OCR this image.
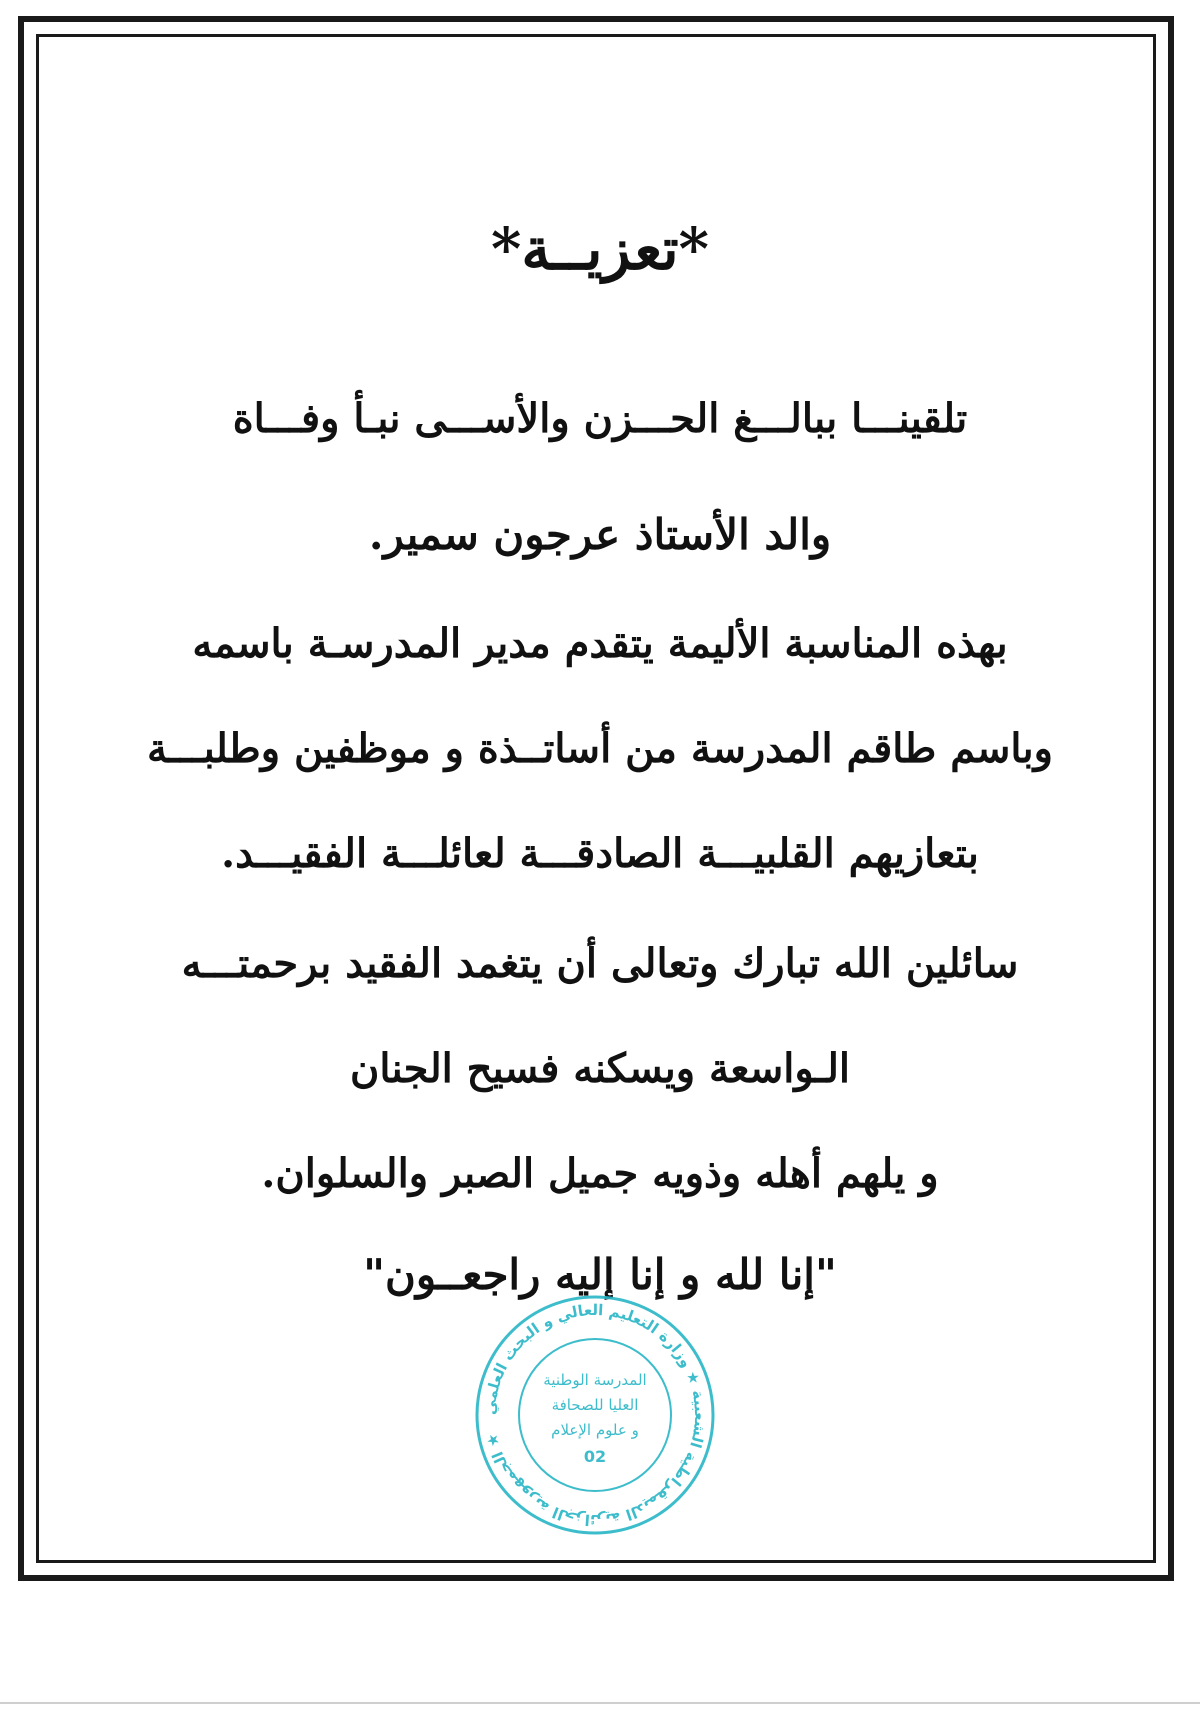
*تعزيــة*
تلقينـــا ببالـــغ الحـــزن والأســـى نبـأ وفـــاة
والد الأستاذ عرجون سمير.
بهذه المناسبة الأليمة يتقدم مدير المدرسـة باسمه
وباسم طاقم المدرسة من أساتــذة و موظفين وطلبـــة
بتعازيهم القلبيـــة الصادقـــة لعائلـــة الفقيـــد.
سائلين الله تبارك وتعالى أن يتغمد الفقيد برحمتـــه
الـواسعة ويسكنه فسيح الجنان
و يلهم أهله وذويه جميل الصبر والسلوان.
"إنا لله و إنا إليه راجعــون"
الجمهورية الجزائرية الديمقراطية الشعبية ★ وزارة التعليم العالي و البحث العلمي ★
المدرسة الوطنية
العليا للصحافة
و علوم الإعلام
02
